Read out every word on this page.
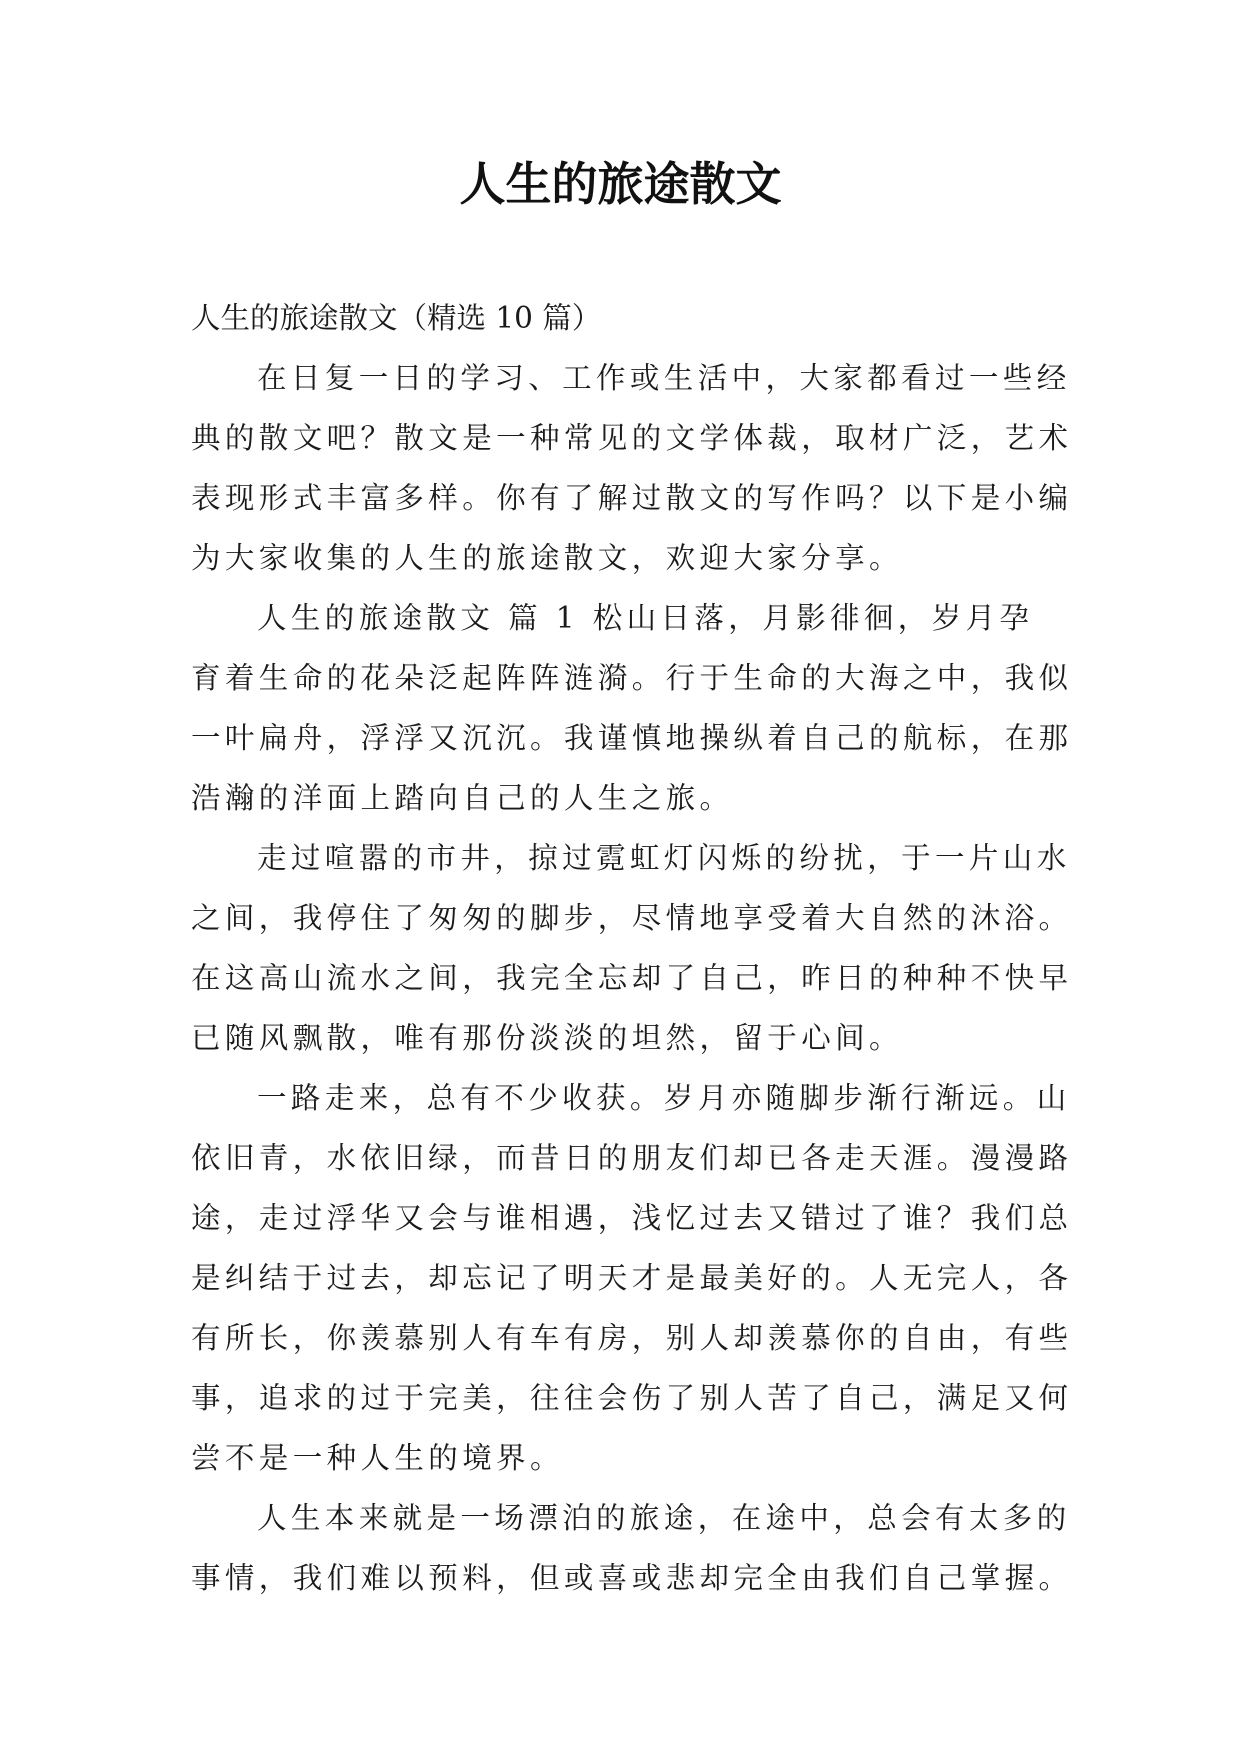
人生的旅途散文

人生的旅途散文（精选 10 篇）

在日复一日的学习、工作或生活中，大家都看过一些经
典的散文吧？散文是一种常见的文学体裁，取材广泛，艺术
表现形式丰富多样。你有了解过散文的写作吗？以下是小编
为大家收集的人生的旅途散文，欢迎大家分享。

人生的旅途散文 篇 1 松山日落，月影徘徊，岁月孕
育着生命的花朵泛起阵阵涟漪。行于生命的大海之中，我似
一叶扁舟，浮浮又沉沉。我谨慎地操纵着自己的航标，在那
浩瀚的洋面上踏向自己的人生之旅。

走过喧嚣的市井，掠过霓虹灯闪烁的纷扰，于一片山水
之间，我停住了匆匆的脚步，尽情地享受着大自然的沐浴。
在这高山流水之间，我完全忘却了自己，昨日的种种不快早
已随风飘散，唯有那份淡淡的坦然，留于心间。

一路走来，总有不少收获。岁月亦随脚步渐行渐远。山
依旧青，水依旧绿，而昔日的朋友们却已各走天涯。漫漫路
途，走过浮华又会与谁相遇，浅忆过去又错过了谁？我们总
是纠结于过去，却忘记了明天才是最美好的。人无完人，各
有所长，你羡慕别人有车有房，别人却羡慕你的自由，有些
事，追求的过于完美，往往会伤了别人苦了自己，满足又何
尝不是一种人生的境界。

人生本来就是一场漂泊的旅途，在途中，总会有太多的
事情，我们难以预料，但或喜或悲却完全由我们自己掌握。
